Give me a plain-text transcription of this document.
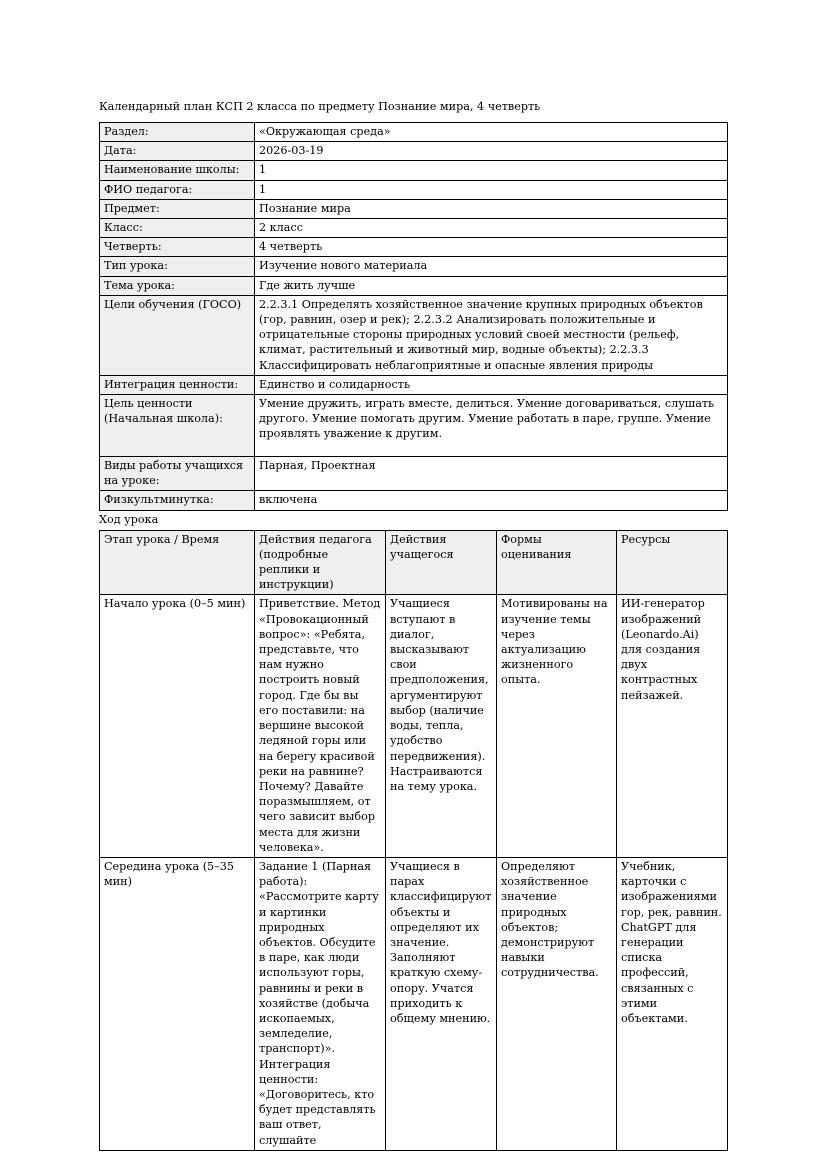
Календарный план КСП 2 класса по предмету Познание мира, 4 четверть

Раздел:	«Окружающая среда»
Дата:	2026-03-19
Наименование школы:	1
ФИО педагога:	1
Предмет:	Познание мира
Класс:	2 класс
Четверть:	4 четверть
Тип урока:	Изучение нового материала
Тема урока:	Где жить лучше
Цели обучения (ГОСО)	2.2.3.1 Определять хозяйственное значение крупных природных объектов (гор, равнин, озер и рек); 2.2.3.2 Анализировать положительные и отрицательные стороны природных условий своей местности (рельеф, климат, растительный и животный мир, водные объекты); 2.2.3.3 Классифицировать неблагоприятные и опасные явления природы
Интеграция ценности:	Единство и солидарность
Цель ценности (Начальная школа):	Умение дружить, играть вместе, делиться. Умение договариваться, слушать другого. Умение помогать другим. Умение работать в паре, группе. Умение проявлять уважение к другим.
Виды работы учащихся на уроке:	Парная, Проектная
Физкультминутка:	включена

Ход урока

Этап урока / Время	Действия педагога (подробные реплики и инструкции)	Действия учащегося	Формы оценивания	Ресурсы
Начало урока (0–5 мин)	Приветствие. Метод «Провокационный вопрос»: «Ребята, представьте, что нам нужно построить новый город. Где бы вы его поставили: на вершине высокой ледяной горы или на берегу красивой реки на равнине? Почему? Давайте поразмышляем, от чего зависит выбор места для жизни человека».	Учащиеся вступают в диалог, высказывают свои предположения, аргументируют выбор (наличие воды, тепла, удобство передвижения). Настраиваются на тему урока.	Мотивированы на изучение темы через актуализацию жизненного опыта.	ИИ-генератор изображений (Leonardo.Ai) для создания двух контрастных пейзажей.
Середина урока (5–35 мин)	Задание 1 (Парная работа): «Рассмотрите карту и картинки природных объектов. Обсудите в паре, как люди используют горы, равнины и реки в хозяйстве (добыча ископаемых, земледелие, транспорт)». Интеграция ценности: «Договоритесь, кто будет представлять ваш ответ, слушайте	Учащиеся в парах классифицируют объекты и определяют их значение. Заполняют краткую схему-опору. Учатся приходить к общему мнению.	Определяют хозяйственное значение природных объектов; демонстрируют навыки сотрудничества.	Учебник, карточки с изображениями гор, рек, равнин. ChatGPT для генерации списка профессий, связанных с этими объектами.
